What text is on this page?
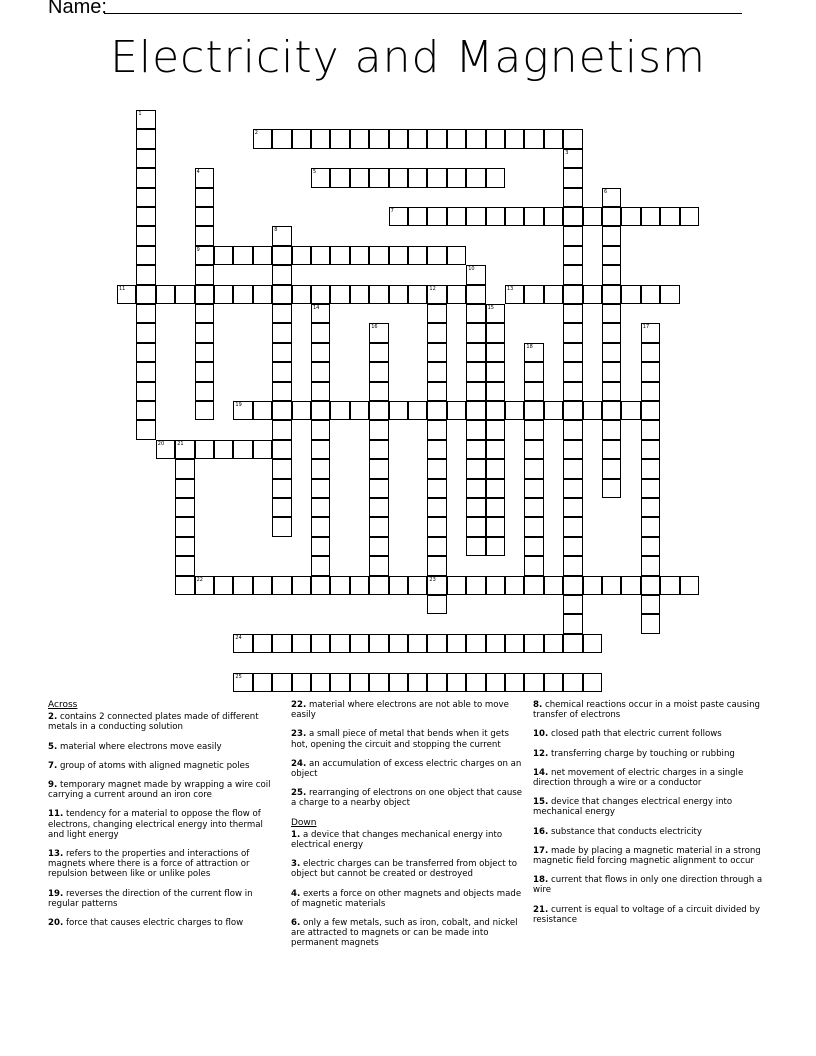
Name:
Electricity and Magnetism
1
2
3
4
9
5
6
7
8
10
11	12
23
13
14	15
16	17
18
19
20	21
22
24
25
Across
2. contains 2 connected plates made of different metals in a conducting solution
5. material where electrons move easily
7. group of atoms with aligned magnetic poles
9. temporary magnet made by wrapping a wire coil carrying a current around an iron core
11. tendency for a material to oppose the flow of electrons, changing electrical energy into thermal and light energy
13. refers to the properties and interactions of magnets where there is a force of attraction or repulsion between like or unlike poles
19. reverses the direction of the current flow in regular patterns
20. force that causes electric charges to flow
22. material where electrons are not able to move easily
23. a small piece of metal that bends when it gets hot, opening the circuit and stopping the current
24. an accumulation of excess electric charges on an object
25. rearranging of electrons on one object that cause a charge to a nearby object
Down
1. a device that changes mechanical energy into electrical energy
3. electric charges can be transferred from object to object but cannot be created or destroyed
4. exerts a force on other magnets and objects made of magnetic materials
6. only a few metals, such as iron, cobalt, and nickel are attracted to magnets or can be made into permanent magnets
8. chemical reactions occur in a moist paste causing transfer of electrons
10. closed path that electric current follows
12. transferring charge by touching or rubbing
14. net movement of electric charges in a single direction through a wire or a conductor
15. device that changes electrical energy into mechanical energy
16. substance that conducts electricity
17. made by placing a magnetic material in a strong magnetic field forcing magnetic alignment to occur
18. current that flows in only one direction through a wire
21. current is equal to voltage of a circuit divided by resistance
